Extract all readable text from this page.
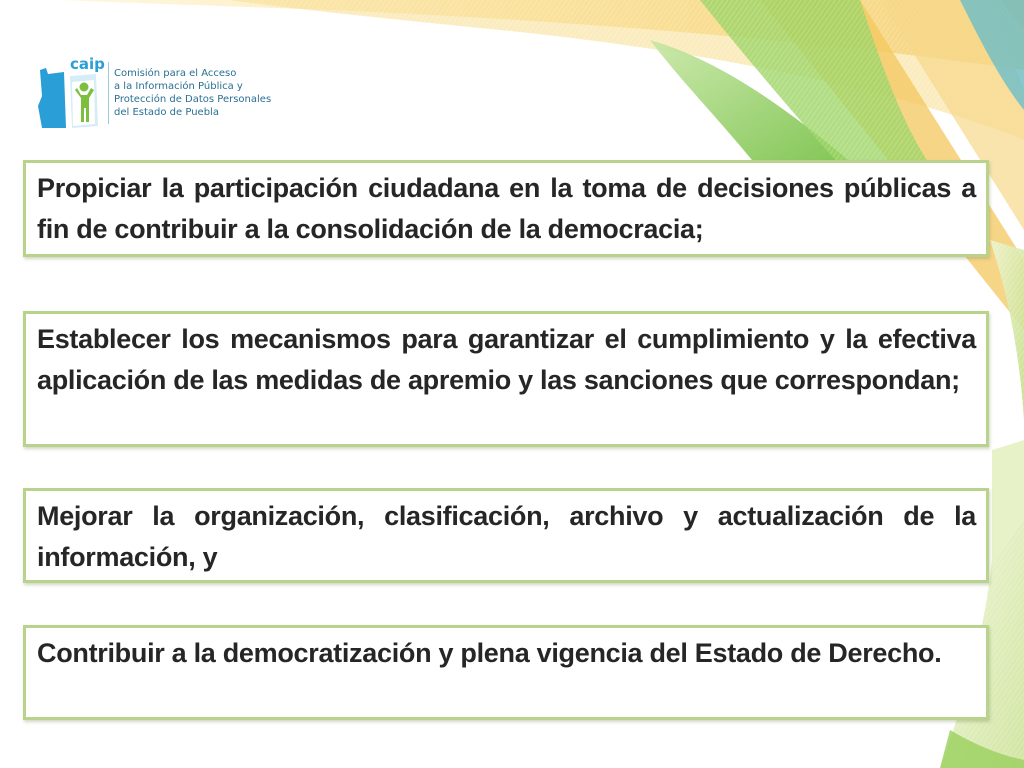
caip
Comisión para el Acceso
a la Información Pública y
Protección de Datos Personales
del Estado de Puebla

Propiciar la participación ciudadana en la toma de decisiones públicas a fin de contribuir a la consolidación de la democracia;

Establecer los mecanismos para garantizar el cumplimiento y la efectiva aplicación de las medidas de apremio y las sanciones que correspondan;

Mejorar la organización, clasificación, archivo y actualización de la información, y

Contribuir a la democratización y plena vigencia del Estado de Derecho.
